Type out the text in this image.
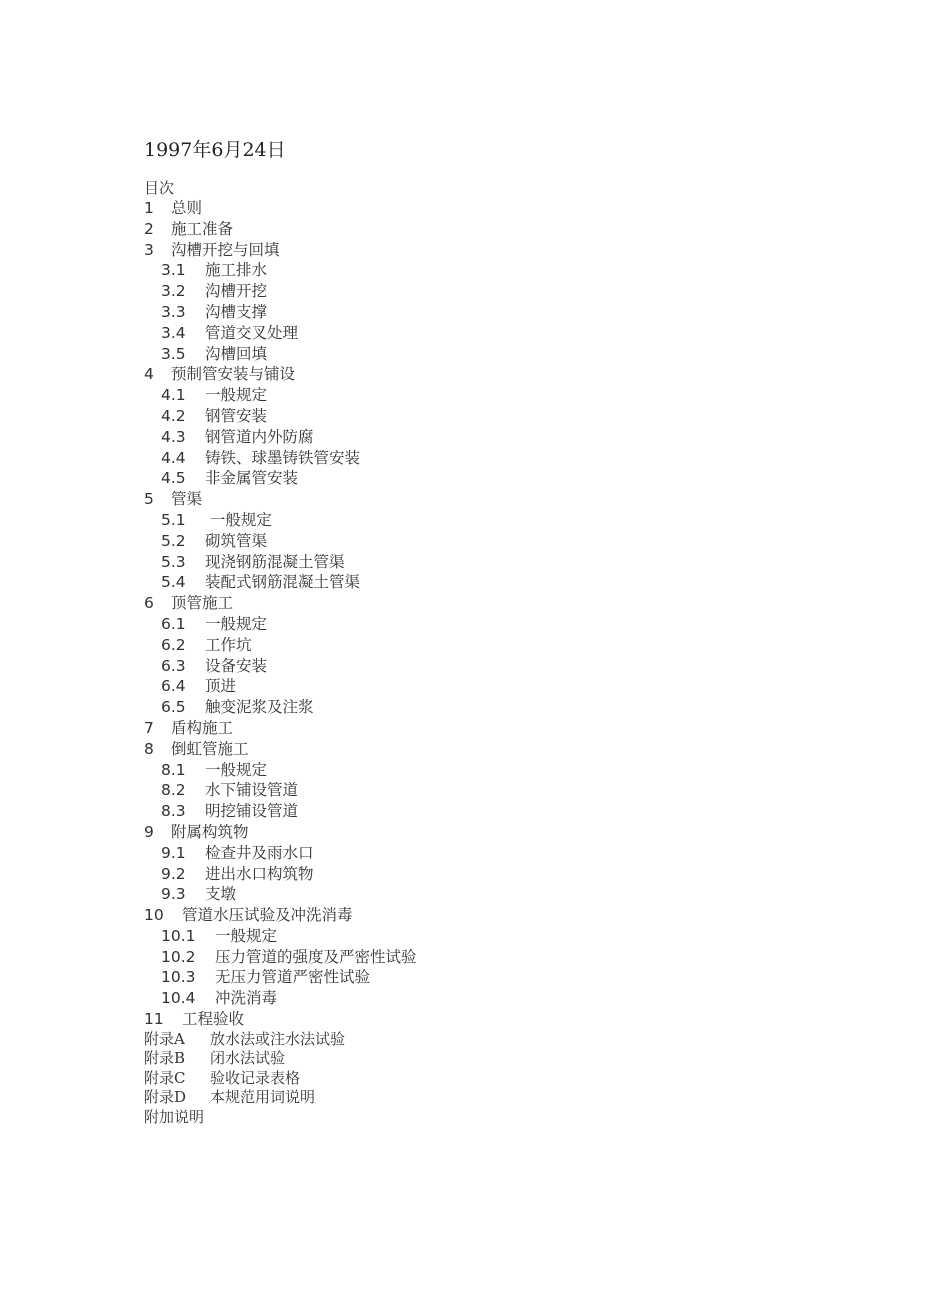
1997年6月24日
目次
1 总则
2 施工准备
3 沟槽开挖与回填
3.1 施工排水
3.2 沟槽开挖
3.3 沟槽支撑
3.4 管道交叉处理
3.5 沟槽回填
4 预制管安装与铺设
4.1 一般规定
4.2 钢管安装
4.3 钢管道内外防腐
4.4 铸铁、球墨铸铁管安装
4.5 非金属管安装
5 管渠
5.1 一般规定
5.2 砌筑管渠
5.3 现浇钢筋混凝土管渠
5.4 装配式钢筋混凝土管渠
6 顶管施工
6.1 一般规定
6.2 工作坑
6.3 设备安装
6.4 顶进
6.5 触变泥浆及注浆
7 盾构施工
8 倒虹管施工
8.1 一般规定
8.2 水下铺设管道
8.3 明挖铺设管道
9 附属构筑物
9.1 检查井及雨水口
9.2 进出水口构筑物
9.3 支墩
10 管道水压试验及冲洗消毒
10.1 一般规定
10.2 压力管道的强度及严密性试验
10.3 无压力管道严密性试验
10.4 冲洗消毒
11 工程验收
附录A 放水法或注水法试验
附录B 闭水法试验
附录C 验收记录表格
附录D 本规范用词说明
附加说明
